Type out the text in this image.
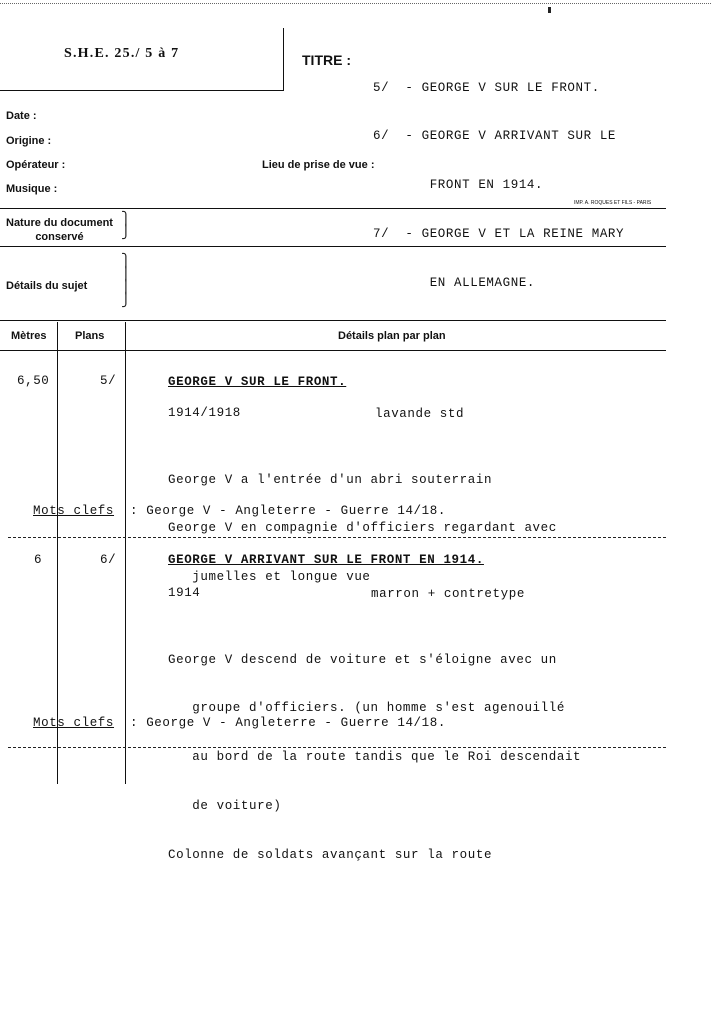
S.H.E. 25./ 5 à 7	TITRE :

5/  - GEORGE V SUR LE FRONT.

6/  - GEORGE V ARRIVANT SUR LE

FRONT EN 1914.

7/  - GEORGE V ET LA REINE MARY

EN ALLEMAGNE.

Date :
Origine :
Opérateur :	Lieu de prise de vue :
Musique :
IMP. A. ROQUES ET FILS - PARIS
Nature du document
conservé
⎫
⎭
Détails du sujet
⎫
⎪
⎪
⎭
Mètres	Plans	Détails plan par plan
6,50	5/	GEORGE V SUR LE FRONT.
1914/1918	lavande std

George V a l'entrée d'un abri souterrain

George V en compagnie d'officiers regardant avec

jumelles et longue vue

Mots clefs : George V - Angleterre - Guerre 14/18.
6	6/	GEORGE V ARRIVANT SUR LE FRONT EN 1914.
1914	marron + contretype

George V descend de voiture et s'éloigne avec un

groupe d'officiers. (un homme s'est agenouillé

au bord de la route tandis que le Roi descendait

de voiture)

Colonne de soldats avançant sur la route

Mots clefs : George V - Angleterre - Guerre 14/18.
